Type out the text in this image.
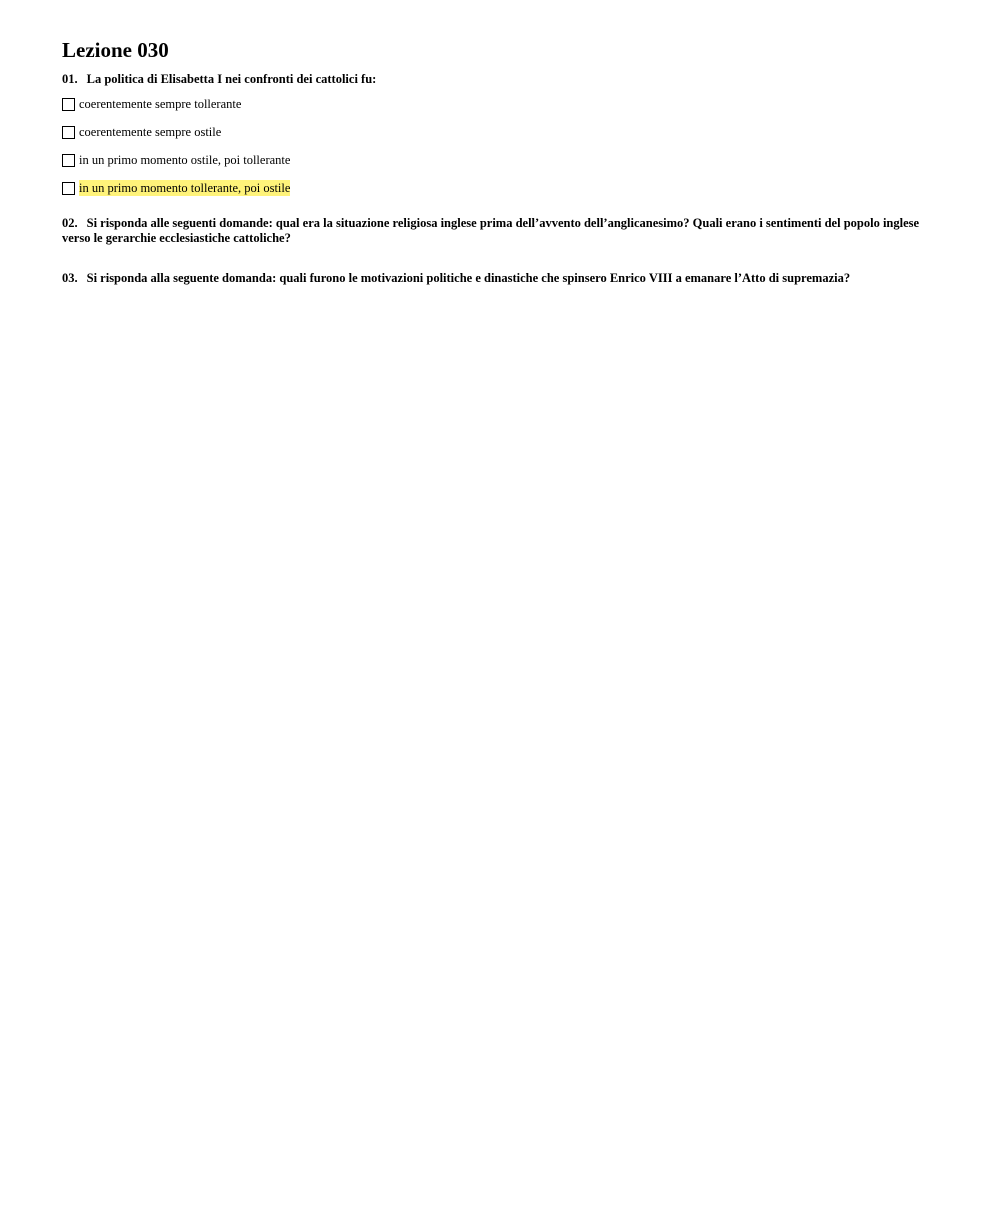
Lezione 030

01. La politica di Elisabetta I nei confronti dei cattolici fu:

coerentemente sempre tollerante
coerentemente sempre ostile
in un primo momento ostile, poi tollerante
in un primo momento tollerante, poi ostile

02. Si risponda alle seguenti domande: qual era la situazione religiosa inglese prima dell’avvento dell’anglicanesimo? Quali erano i sentimenti del popolo inglese verso le gerarchie ecclesiastiche cattoliche?

03. Si risponda alla seguente domanda: quali furono le motivazioni politiche e dinastiche che spinsero Enrico VIII a emanare l’Atto di supremazia?
